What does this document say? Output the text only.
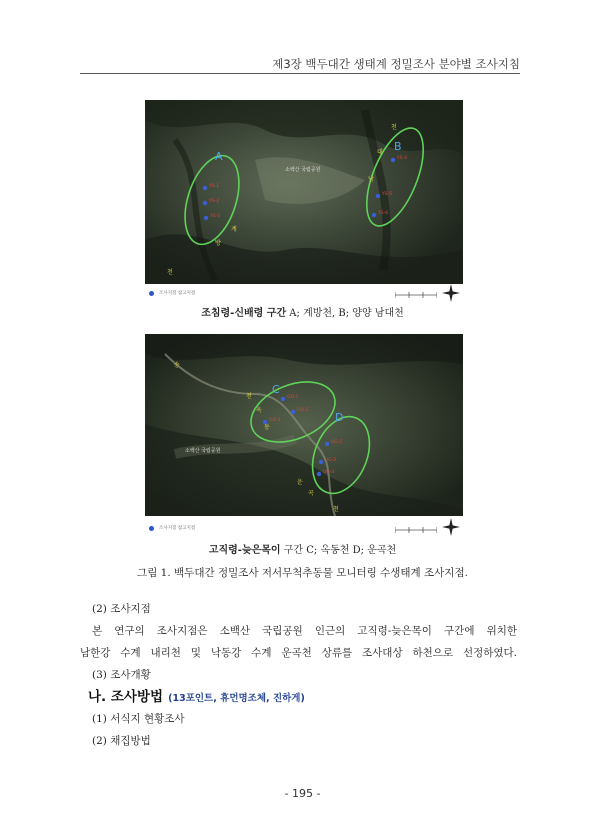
제3장 백두대간 생태계 정밀조사 분야별 조사지침
소백산 국립공원
A
B
YS-1
YS-2
YS-3
YS-4
YS-5
YS-6
계
방
천
남
대
천
조사지점 참고지점
조침령-신배령 구간 A; 계방천, B; 양양 남대천
소백산 국립공원
C
D
OD-1
OD-2
OD-3
UG-1
UG-2
UG-3
송
옥
동
천
운
곡
천
조사지점 참고지점
고직령-늦은목이 구간 C; 옥동천 D; 운곡천
그림 1. 백두대간 정밀조사 저서무척추동물 모니터링 수생태계 조사지점.
(2) 조사지점
본 연구의 조사지점은 소백산 국립공원 인근의 고직령-늦은목이 구간에 위치한
남한강 수계 내리천 및 낙동강 수계 운곡천 상류를 조사대상 하천으로 선정하였다.
(3) 조사개황
나. 조사방법 (13포인트, 휴먼명조체, 진하게)
(1) 서식지 현황조사
(2) 채집방법
- 195 -
